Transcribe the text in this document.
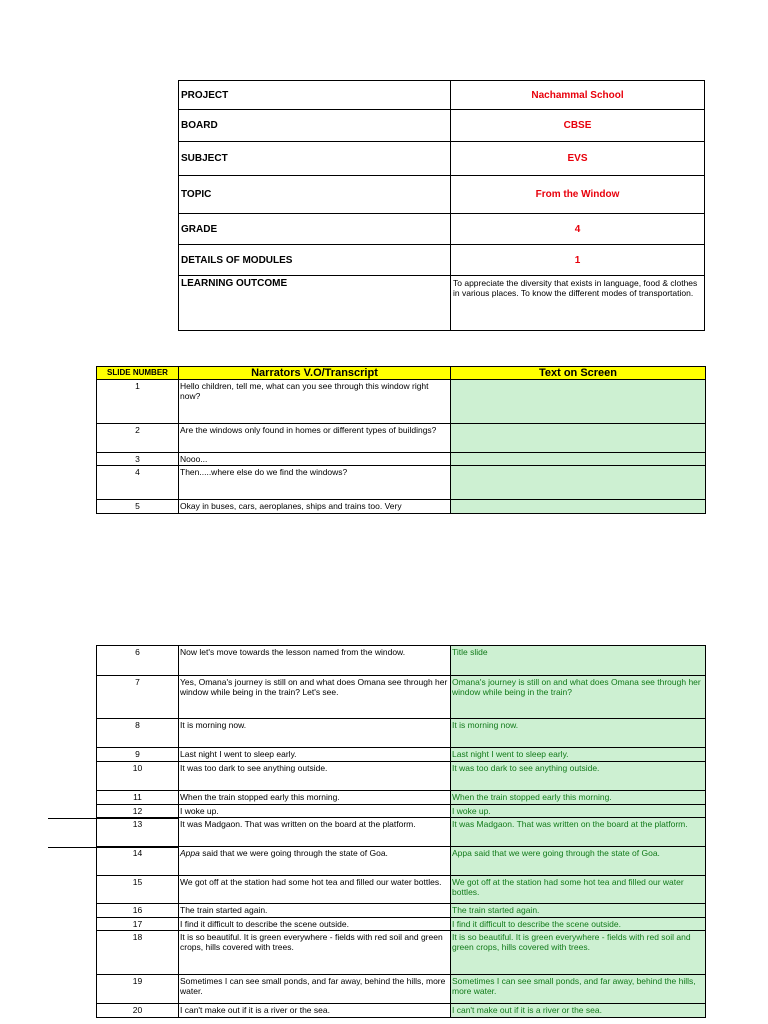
PROJECT	Nachammal School
BOARD	CBSE
SUBJECT	EVS
TOPIC	From the Window
GRADE	4
DETAILS OF MODULES	1
LEARNING OUTCOME	To appreciate the diversity that exists in language, food & clothes in various places. To know the different modes of transportation.
SLIDE NUMBER	Narrators V.O/Transcript	Text on Screen
1	Hello children, tell me, what can you see through this window right now?	
2	Are the windows only found in homes or different types of buildings?	
3	Nooo...	
4	Then.....where else do we find the windows?	
5	Okay in buses, cars, aeroplanes, ships and trains too. Very	
6	Now let's move towards the lesson named from the window.	Title slide
7	Yes, Omana's journey is still on and what does Omana see through her window while being in the train? Let's see.	Omana's journey is still on and what does Omana see through her window while being in the train?
8	It is morning now.	It is morning now.
9	Last night I went to sleep early.	Last night I went to sleep early.
10	It was too dark to see anything outside.	It was too dark to see anything outside.
11	When the train stopped early this morning.	When the train stopped early this morning.
12	I woke up.	I woke up.
13	It was Madgaon. That was written on the board at the platform.	It was Madgaon. That was written on the board at the platform.
14	Appa said that we were going through the state of Goa.	Appa said that we were going through the state of Goa.
15	We got off at the station had some hot tea and filled our water bottles.	We got off at the station had some hot tea and filled our water bottles.
16	The train started again.	The train started again.
17	I find it difficult to describe the scene outside.	I find it difficult to describe the scene outside.
18	It is so beautiful. It is green everywhere - fields with red soil and green crops, hills covered with trees.	It is so beautiful. It is green everywhere - fields with red soil and green crops, hills covered with trees.
19	Sometimes I can see small ponds, and far away, behind the hills, more water.	Sometimes I can see small ponds, and far away, behind the hills, more water.
20	I can't make out if it is a river or the sea.	I can't make out if it is a river or the sea.
